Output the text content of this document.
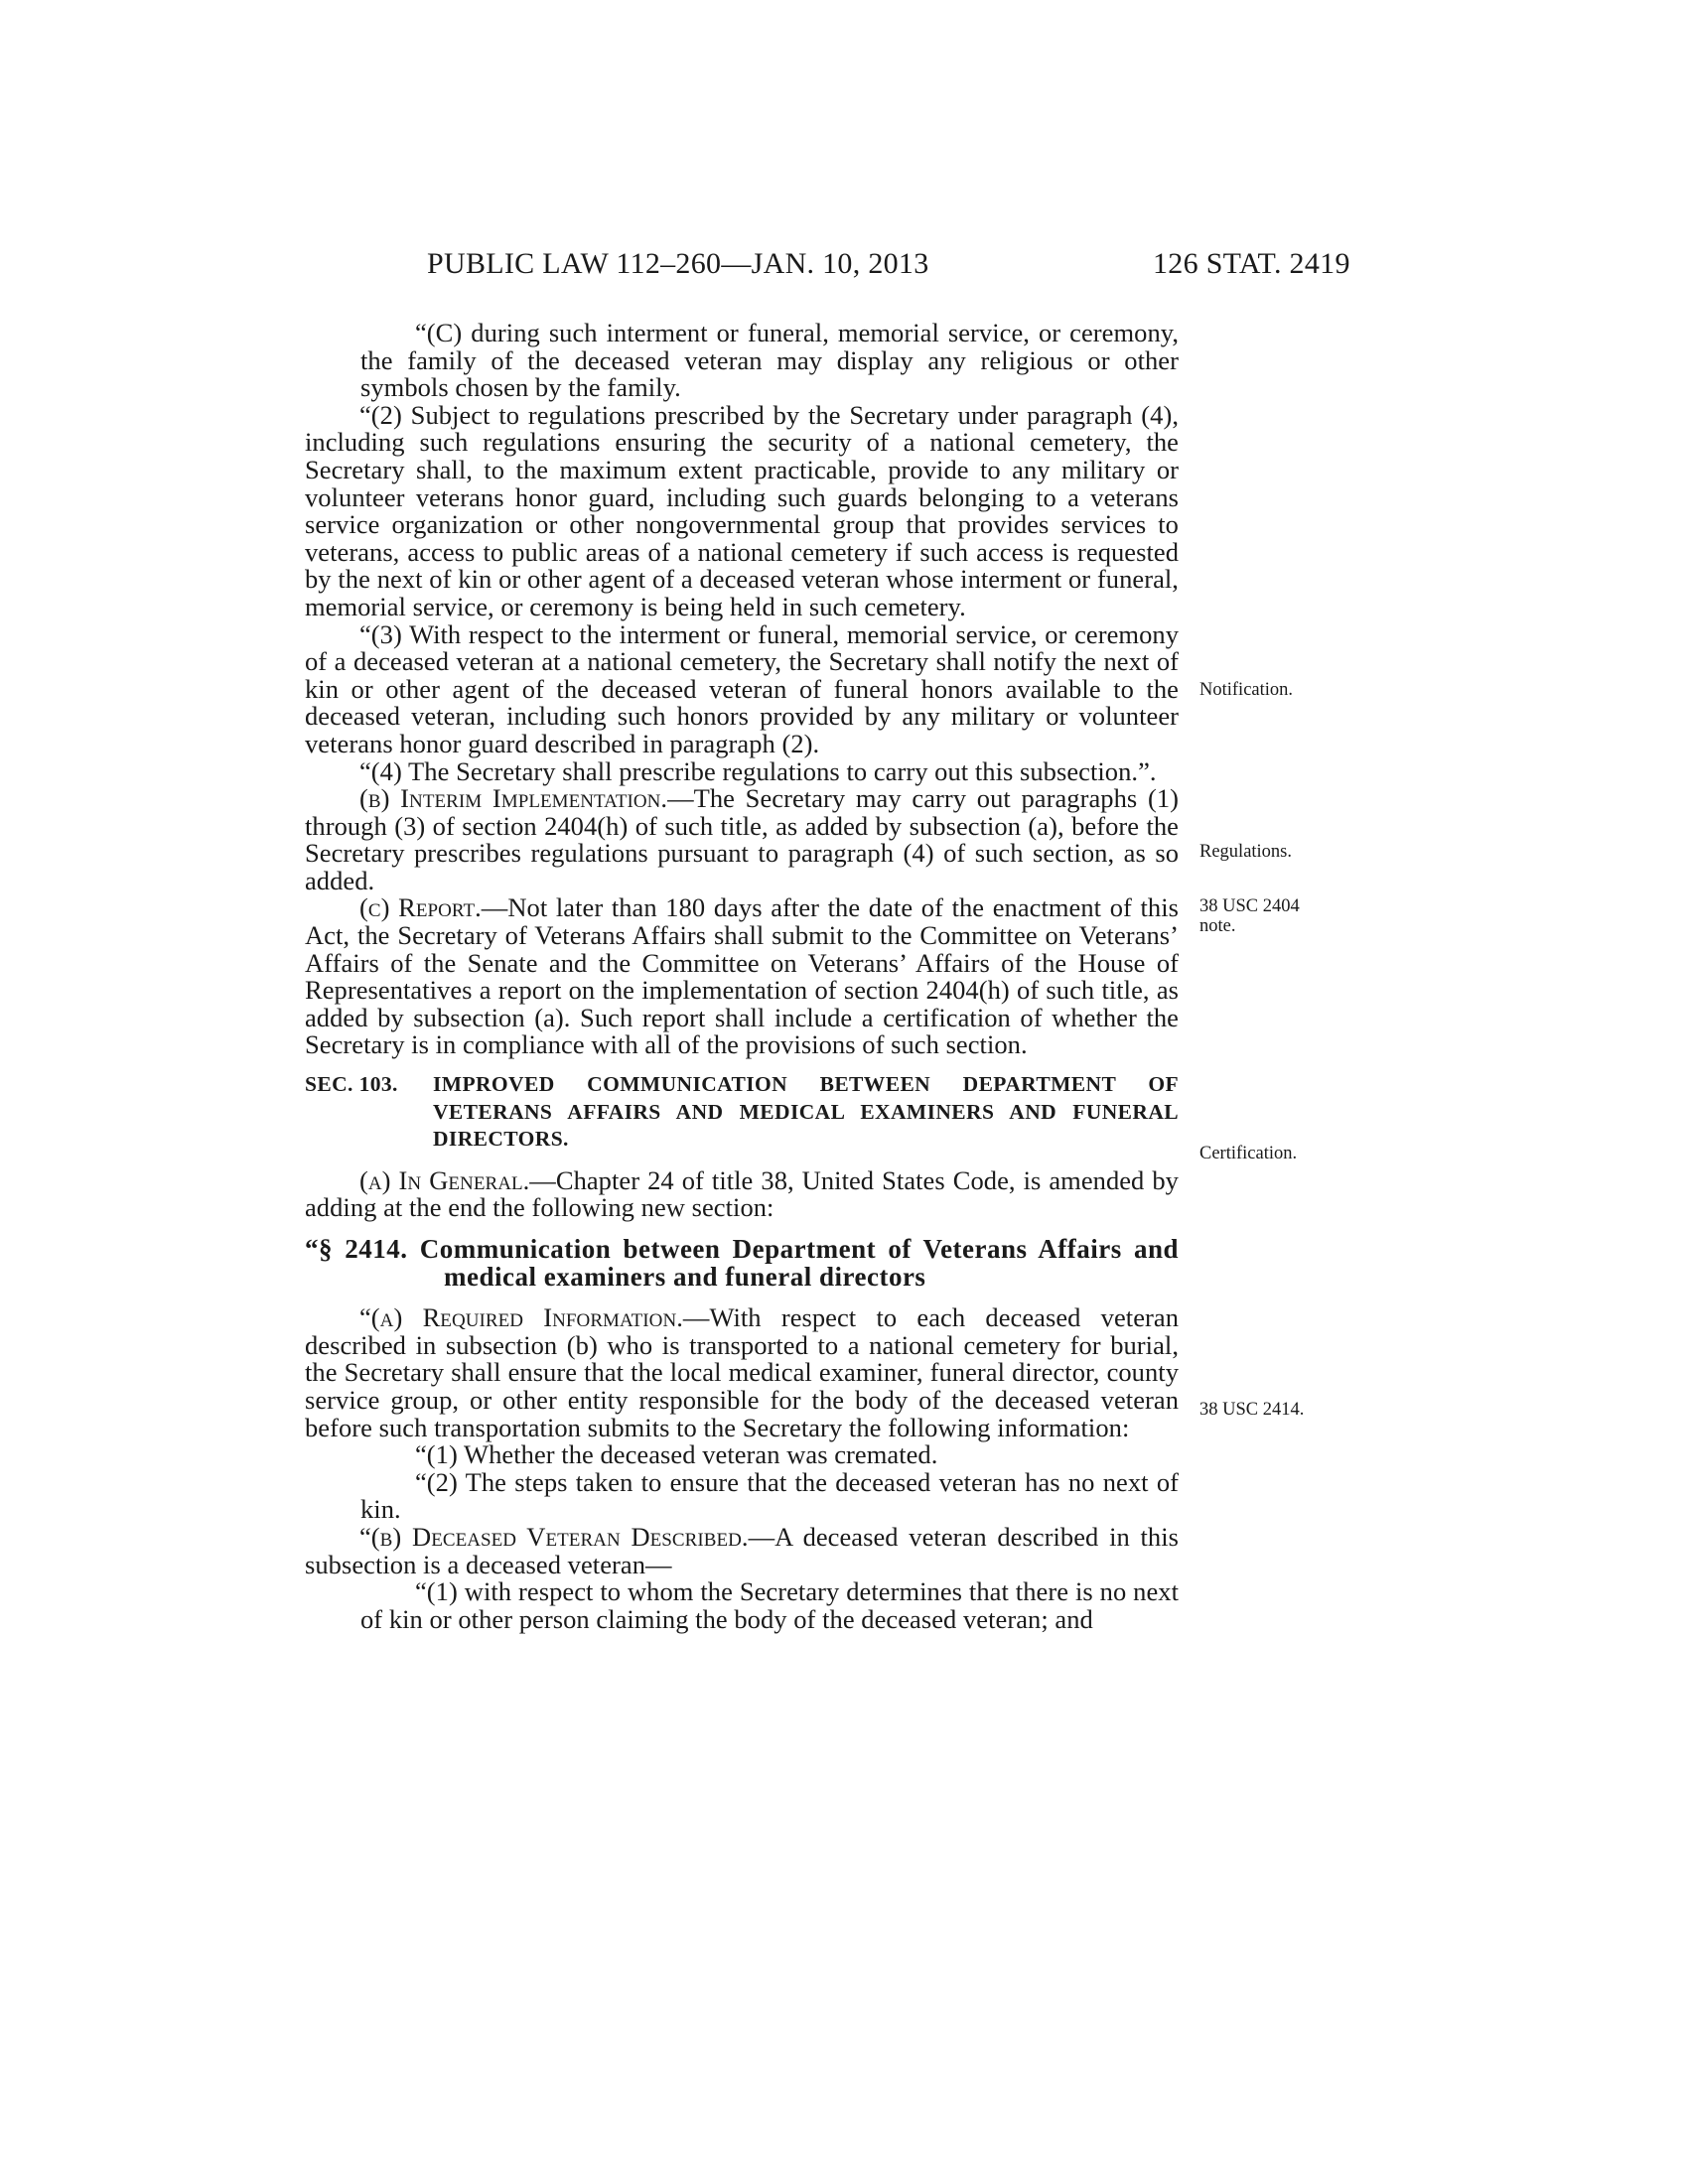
PUBLIC LAW 112–260—JAN. 10, 2013	126 STAT. 2419

“(C) during such interment or funeral, memorial service, or ceremony, the family of the deceased veteran may display any religious or other symbols chosen by the family.

“(2) Subject to regulations prescribed by the Secretary under paragraph (4), including such regulations ensuring the security of a national cemetery, the Secretary shall, to the maximum extent practicable, provide to any military or volunteer veterans honor guard, including such guards belonging to a veterans service organization or other nongovernmental group that provides services to veterans, access to public areas of a national cemetery if such access is requested by the next of kin or other agent of a deceased veteran whose interment or funeral, memorial service, or ceremony is being held in such cemetery.

“(3) With respect to the interment or funeral, memorial service, or ceremony of a deceased veteran at a national cemetery, the Secretary shall notify the next of kin or other agent of the deceased veteran of funeral honors available to the deceased veteran, including such honors provided by any military or volunteer veterans honor guard described in paragraph (2).

“(4) The Secretary shall prescribe regulations to carry out this subsection.”.

(b) Interim Implementation.—The Secretary may carry out paragraphs (1) through (3) of section 2404(h) of such title, as added by subsection (a), before the Secretary prescribes regulations pursuant to paragraph (4) of such section, as so added.

(c) Report.—Not later than 180 days after the date of the enactment of this Act, the Secretary of Veterans Affairs shall submit to the Committee on Veterans’ Affairs of the Senate and the Committee on Veterans’ Affairs of the House of Representatives a report on the implementation of section 2404(h) of such title, as added by subsection (a). Such report shall include a certification of whether the Secretary is in compliance with all of the provisions of such section.

SEC. 103. IMPROVED COMMUNICATION BETWEEN DEPARTMENT OF VETERANS AFFAIRS AND MEDICAL EXAMINERS AND FUNERAL DIRECTORS.

(a) In General.—Chapter 24 of title 38, United States Code, is amended by adding at the end the following new section:

“§ 2414. Communication between Department of Veterans Affairs and medical examiners and funeral directors

“(a) Required Information.—With respect to each deceased veteran described in subsection (b) who is transported to a national cemetery for burial, the Secretary shall ensure that the local medical examiner, funeral director, county service group, or other entity responsible for the body of the deceased veteran before such transportation submits to the Secretary the following information:

“(1) Whether the deceased veteran was cremated.

“(2) The steps taken to ensure that the deceased veteran has no next of kin.

“(b) Deceased Veteran Described.—A deceased veteran described in this subsection is a deceased veteran—

“(1) with respect to whom the Secretary determines that there is no next of kin or other person claiming the body of the deceased veteran; and

Notification.
Regulations.
38 USC 2404 note.
Certification.
38 USC 2414.
